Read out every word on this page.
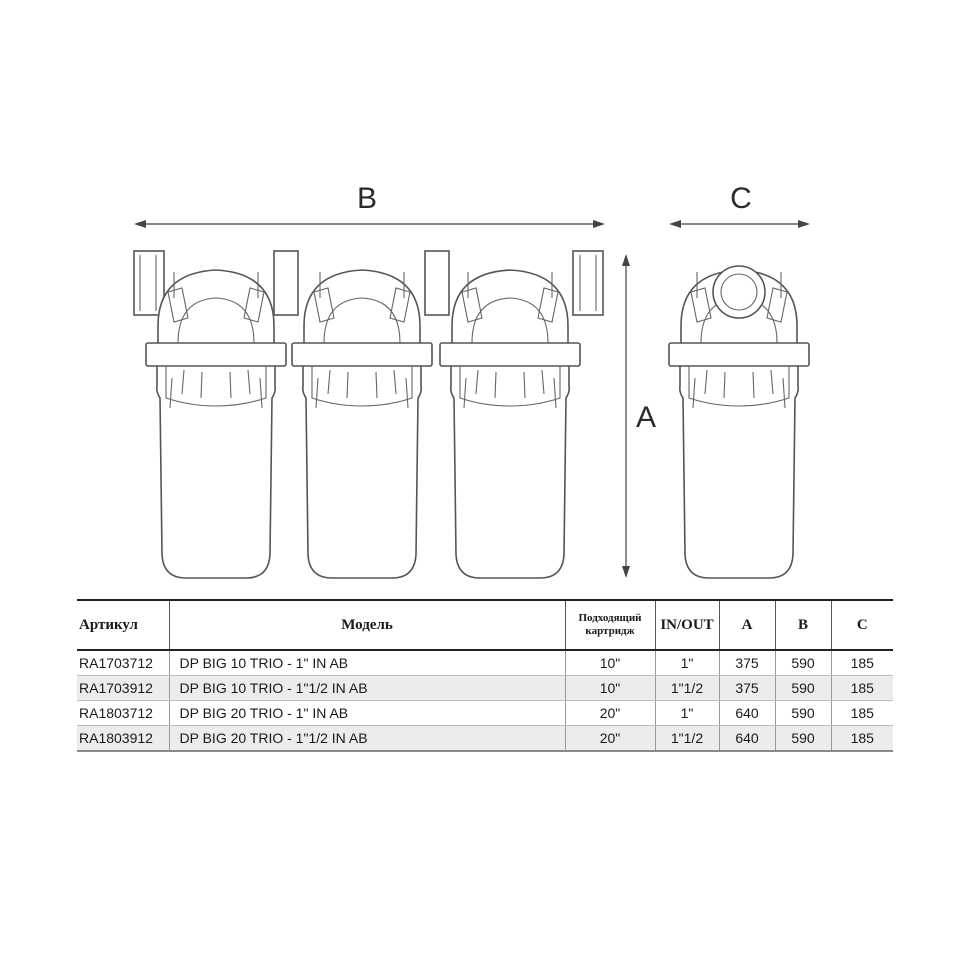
B	C
A
Артикул	Модель	Подходящий картридж	IN/OUT	A	B	C
RA1703712	DP BIG 10 TRIO - 1" IN AB	10"	1"	375	590	185
RA1703912	DP BIG 10 TRIO - 1"1/2 IN AB	10"	1"1/2	375	590	185
RA1803712	DP BIG 20 TRIO - 1" IN AB	20"	1"	640	590	185
RA1803912	DP BIG 20 TRIO - 1"1/2 IN AB	20"	1"1/2	640	590	185
